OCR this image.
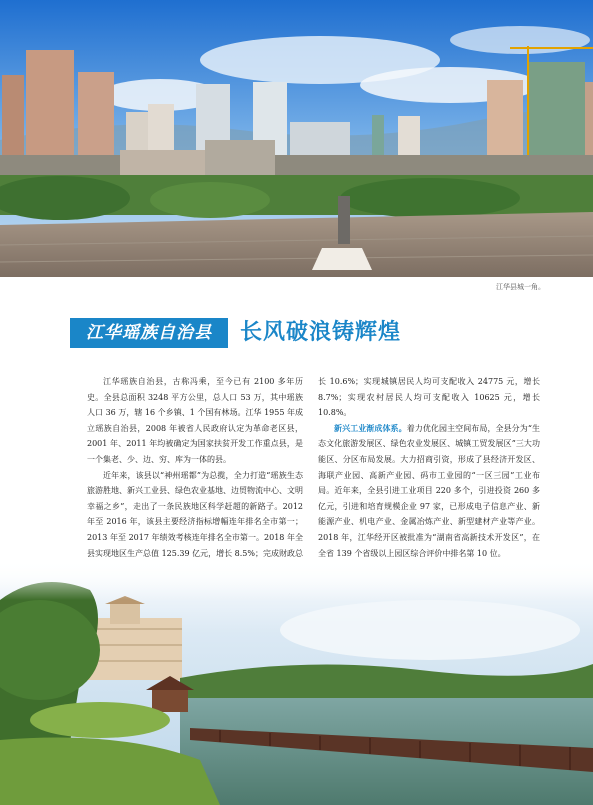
江华县城一角。
江华瑶族自治县	长风破浪铸辉煌

江华瑶族自治县，古称冯乘，至今已有 2100 多年历史。全县总面积 3248 平方公里，总人口 53 万，其中瑶族人口 36 万，辖 16 个乡镇、1 个国有林场。江华 1955 年成立瑶族自治县，2008 年被省人民政府认定为革命老区县，2001 年、2011 年均被确定为国家扶贫开发工作重点县，是一个集老、少、边、穷、库为一体的县。

近年来，该县以“神州瑶都”为总揽，全力打造“瑶族生态旅游胜地、新兴工业县、绿色农业基地、边贸物流中心、文明幸福之乡”，走出了一条民族地区科学赶超的新路子。2012 年至 2016 年，该县主要经济指标增幅连年排名全市第一；2013 年至 2017 年绩效考核连年排名全市第一。2018 年全县实现地区生产总值 125.39 亿元，增长 8.5%；完成财政总

长 10.6%；实现城镇居民人均可支配收入 24775 元，增长 8.7%；实现农村居民人均可支配收入 10625 元，增长 10.8%。

新兴工业渐成体系。着力优化园主空间布局，全县分为“生态文化旅游发展区、绿色农业发展区、城镇工贸发展区”三大功能区、分区布局发展。大力招商引资，形成了县经济开发区、海联产业园、高新产业园、码市工业园的“一区三园”工业布局。近年来，全县引进工业项目 220 多个，引进投资 260 多亿元，引进和培育规模企业 97 家，已形成电子信息产业、新能源产业、机电产业、金属冶炼产业、新型建材产业等产业。2018 年，江华经开区被批准为“湖南省高新技术开发区”，在全省 139 个省级以上园区综合评价中排名第 10 位。
